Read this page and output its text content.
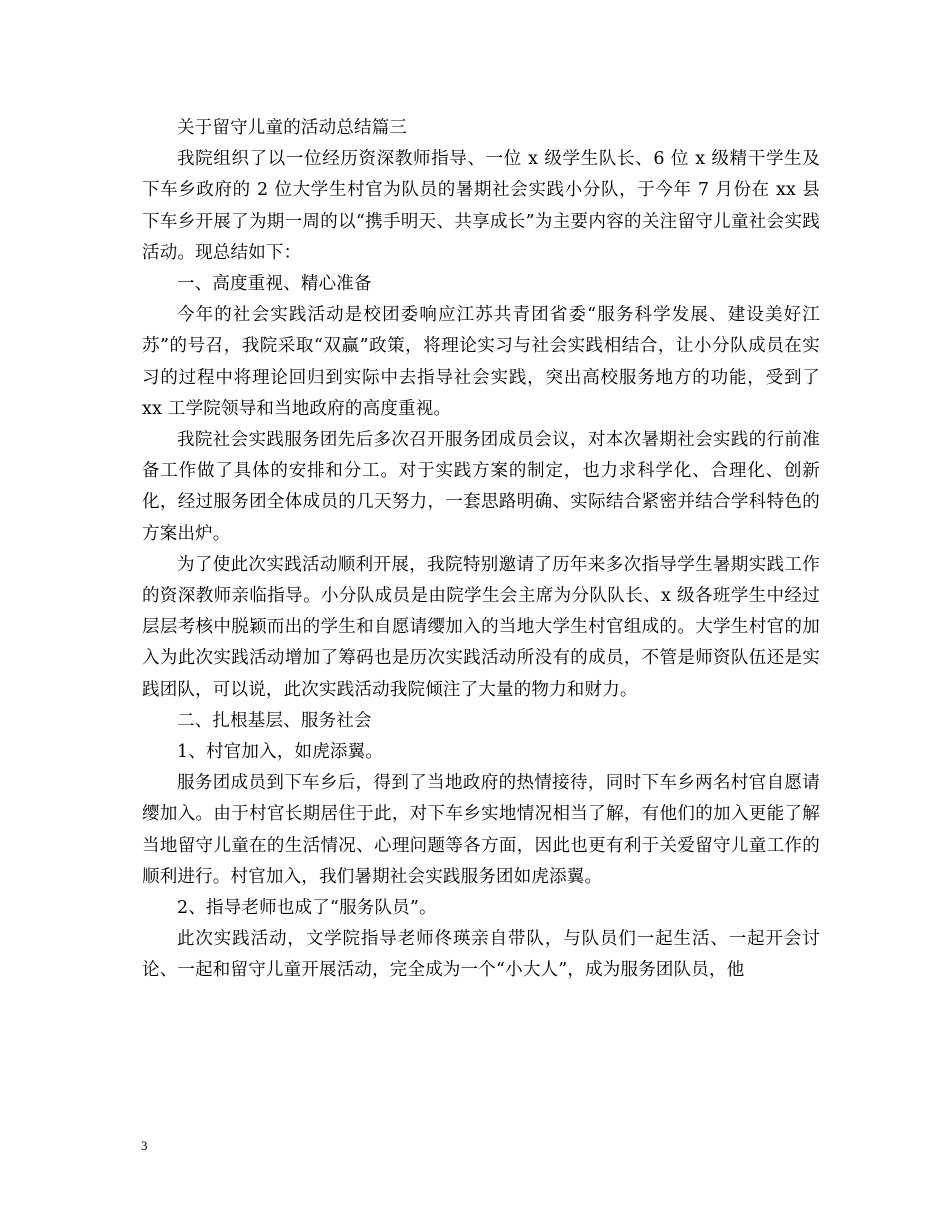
关于留守儿童的活动总结篇三

我院组织了以一位经历资深教师指导、一位 x 级学生队长、6 位 x 级精干学生及下车乡政府的 2 位大学生村官为队员的暑期社会实践小分队，于今年 7 月份在 xx 县下车乡开展了为期一周的以“携手明天、共享成长”为主要内容的关注留守儿童社会实践活动。现总结如下：

一、高度重视、精心准备

今年的社会实践活动是校团委响应江苏共青团省委“服务科学发展、建设美好江苏”的号召，我院采取“双赢”政策，将理论实习与社会实践相结合，让小分队成员在实习的过程中将理论回归到实际中去指导社会实践，突出高校服务地方的功能，受到了 xx 工学院领导和当地政府的高度重视。

我院社会实践服务团先后多次召开服务团成员会议，对本次暑期社会实践的行前准备工作做了具体的安排和分工。对于实践方案的制定，也力求科学化、合理化、创新化，经过服务团全体成员的几天努力，一套思路明确、实际结合紧密并结合学科特色的方案出炉。

为了使此次实践活动顺利开展，我院特别邀请了历年来多次指导学生暑期实践工作的资深教师亲临指导。小分队成员是由院学生会主席为分队队长、x 级各班学生中经过层层考核中脱颖而出的学生和自愿请缨加入的当地大学生村官组成的。大学生村官的加入为此次实践活动增加了筹码也是历次实践活动所没有的成员，不管是师资队伍还是实践团队，可以说，此次实践活动我院倾注了大量的物力和财力。

二、扎根基层、服务社会

1、村官加入，如虎添翼。

服务团成员到下车乡后，得到了当地政府的热情接待，同时下车乡两名村官自愿请缨加入。由于村官长期居住于此，对下车乡实地情况相当了解，有他们的加入更能了解当地留守儿童在的生活情况、心理问题等各方面，因此也更有利于关爱留守儿童工作的顺利进行。村官加入，我们暑期社会实践服务团如虎添翼。

2、指导老师也成了“服务队员”。

此次实践活动，文学院指导老师佟瑛亲自带队，与队员们一起生活、一起开会讨论、一起和留守儿童开展活动，完全成为一个“小大人”，成为服务团队员，他

3
